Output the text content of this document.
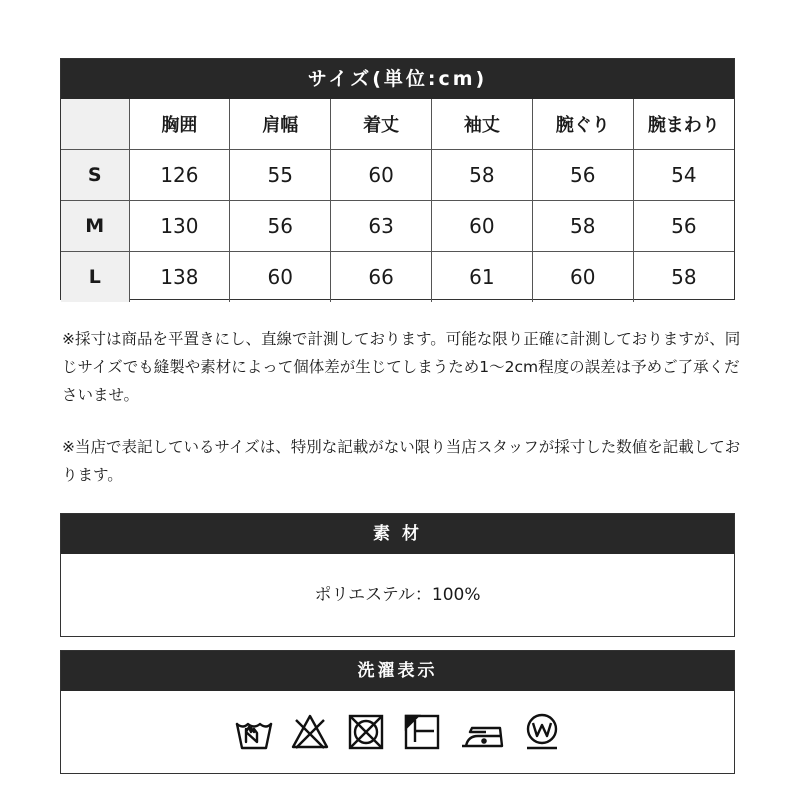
サイズ(単位:cm)
	胸囲	肩幅	着丈	袖丈	腕ぐり	腕まわり
S	126	55	60	58	56	54
M	130	56	63	60	58	56
L	138	60	66	61	60	58
※採寸は商品を平置きにし、直線で計測しております。可能な限り正確に計測しておりますが、同じサイズでも縫製や素材によって個体差が生じてしまうため1～2cm程度の誤差は予めご了承くださいませ。
※当店で表記しているサイズは、特別な記載がない限り当店スタッフが採寸した数値を記載しております。
素 材
ポリエステル：100%
洗濯表示
